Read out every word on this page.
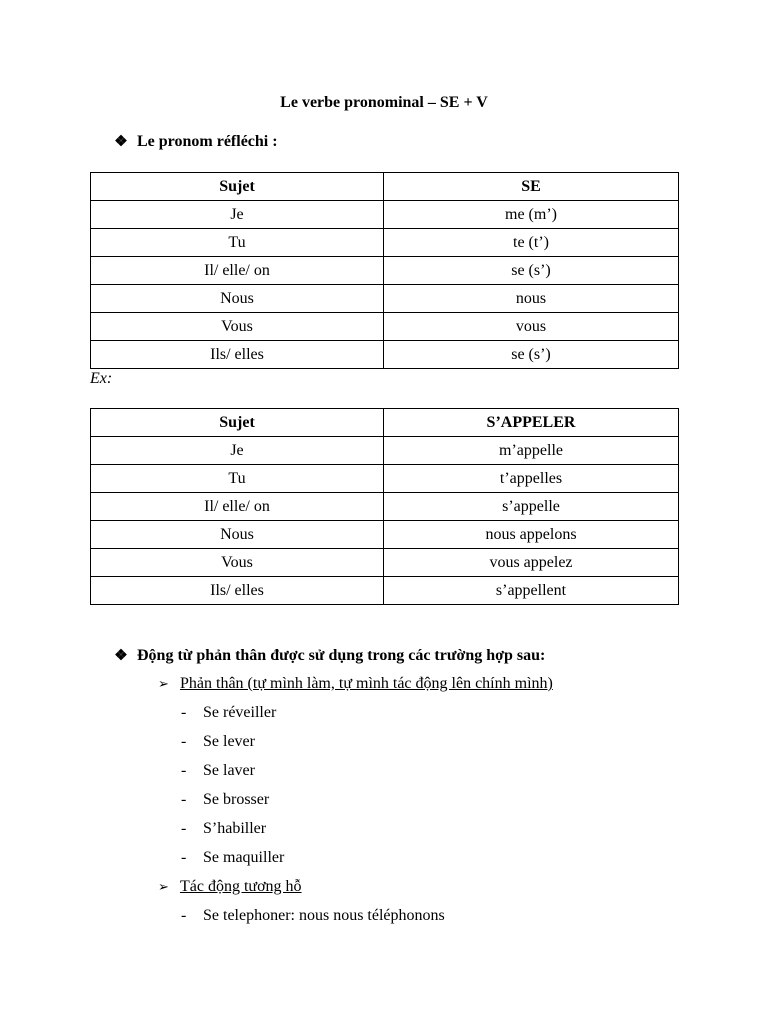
Le verbe pronominal – SE + V
❖ Le pronom réfléchi :
Sujet	SE
Je	me (m’)
Tu	te (t’)
Il/ elle/ on	se (s’)
Nous	nous
Vous	vous
Ils/ elles	se (s’)
Ex:
Sujet	S’APPELER
Je	m’appelle
Tu	t’appelles
Il/ elle/ on	s’appelle
Nous	nous appelons
Vous	vous appelez
Ils/ elles	s’appellent
❖ Động từ phản thân được sử dụng trong các trường hợp sau:
➢ Phản thân (tự mình làm, tự mình tác động lên chính mình)
- Se réveiller
- Se lever
- Se laver
- Se brosser
- S’habiller
- Se maquiller
➢ Tác động tương hỗ
- Se telephoner: nous nous téléphonons
